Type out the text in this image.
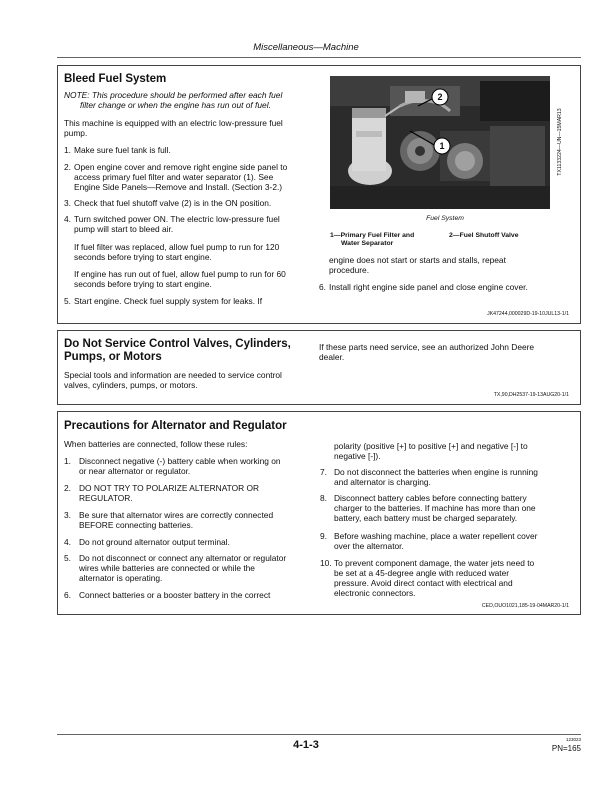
Miscellaneous—Machine
Bleed Fuel System
NOTE: This procedure should be performed after each fuel
filter change or when the engine has run out of fuel.
This machine is equipped with an electric low-pressure fuel
pump.
1. Make sure fuel tank is full.
2. Open engine cover and remove right engine side panel to
access primary fuel filter and water separator (1). See
Engine Side Panels—Remove and Install. (Section 3-2.)
3. Check that fuel shutoff valve (2) is in the ON position.
4. Turn switched power ON. The electric low-pressure fuel
pump will start to bleed air.
If fuel filter was replaced, allow fuel pump to run for 120
seconds before trying to start engine.
If engine has run out of fuel, allow fuel pump to run for 60
seconds before trying to start engine.
5. Start engine. Check fuel supply system for leaks. If
2
1	TX1133224—UN—15MAR13
Fuel System
1—Primary Fuel Filter and
Water Separator
2—Fuel Shutoff Valve
engine does not start or starts and stalls, repeat
procedure.
6. Install right engine side panel and close engine cover.
JK47244,000029D-19-10JUL13-1/1
Do Not Service Control Valves, Cylinders,
Pumps, or Motors
Special tools and information are needed to service control
valves, cylinders, pumps, or motors.
If these parts need service, see an authorized John Deere
dealer.
TX,90,DH2537-19-13AUG20-1/1
Precautions for Alternator and Regulator
When batteries are connected, follow these rules:
1. Disconnect negative (-) battery cable when working on
or near alternator or regulator.
2. DO NOT TRY TO POLARIZE ALTERNATOR OR
REGULATOR.
3. Be sure that alternator wires are correctly connected
BEFORE connecting batteries.
4. Do not ground alternator output terminal.
5. Do not disconnect or connect any alternator or regulator
wires while batteries are connected or while the
alternator is operating.
6. Connect batteries or a booster battery in the correct
polarity (positive [+] to positive [+] and negative [-] to
negative [-]).
7. Do not disconnect the batteries when engine is running
and alternator is charging.
8. Disconnect battery cables before connecting battery
charger to the batteries. If machine has more than one
battery, each battery must be charged separately.
9. Before washing machine, place a water repellent cover
over the alternator.
10. To prevent component damage, the water jets need to
be set at a 45-degree angle with reduced water
pressure. Avoid direct contact with electrical and
electronic connectors.
CED,OUO1021,185-19-04MAR20-1/1
4-1-3	123023
PN=165
